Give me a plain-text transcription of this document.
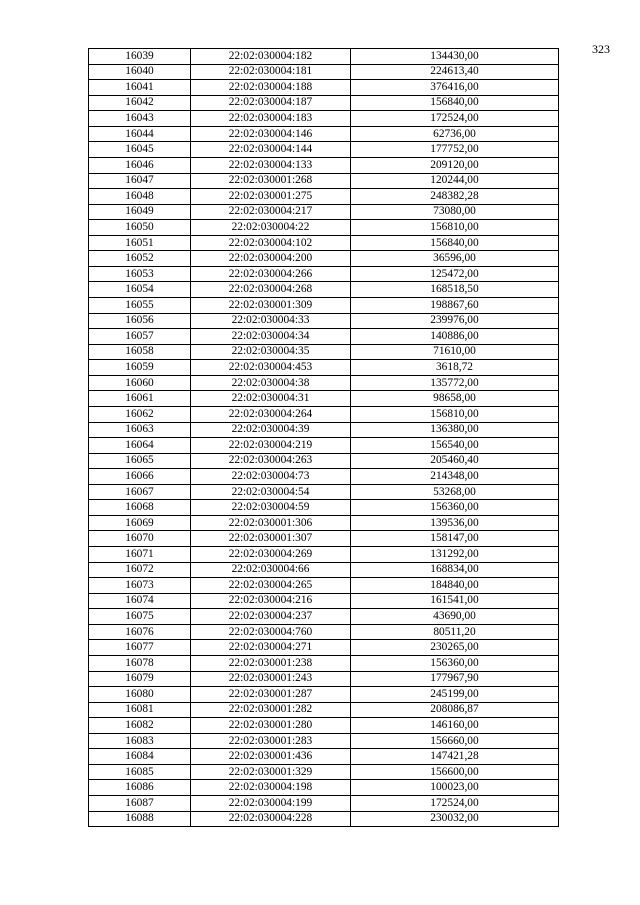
323
16039	22:02:030004:182	134430,00
16040	22:02:030004:181	224613,40
16041	22:02:030004:188	376416,00
16042	22:02:030004:187	156840,00
16043	22:02:030004:183	172524,00
16044	22:02:030004:146	62736,00
16045	22:02:030004:144	177752,00
16046	22:02:030004:133	209120,00
16047	22:02:030001:268	120244,00
16048	22:02:030001:275	248382,28
16049	22:02:030004:217	73080,00
16050	22:02:030004:22	156810,00
16051	22:02:030004:102	156840,00
16052	22:02:030004:200	36596,00
16053	22:02:030004:266	125472,00
16054	22:02:030004:268	168518,50
16055	22:02:030001:309	198867,60
16056	22:02:030004:33	239976,00
16057	22:02:030004:34	140886,00
16058	22:02:030004:35	71610,00
16059	22:02:030004:453	3618,72
16060	22:02:030004:38	135772,00
16061	22:02:030004:31	98658,00
16062	22:02:030004:264	156810,00
16063	22:02:030004:39	136380,00
16064	22:02:030004:219	156540,00
16065	22:02:030004:263	205460,40
16066	22:02:030004:73	214348,00
16067	22:02:030004:54	53268,00
16068	22:02:030004:59	156360,00
16069	22:02:030001:306	139536,00
16070	22:02:030001:307	158147,00
16071	22:02:030004:269	131292,00
16072	22:02:030004:66	168834,00
16073	22:02:030004:265	184840,00
16074	22:02:030004:216	161541,00
16075	22:02:030004:237	43690,00
16076	22:02:030004:760	80511,20
16077	22:02:030004:271	230265,00
16078	22:02:030001:238	156360,00
16079	22:02:030001:243	177967,90
16080	22:02:030001:287	245199,00
16081	22:02:030001:282	208086,87
16082	22:02:030001:280	146160,00
16083	22:02:030001:283	156660,00
16084	22:02:030001:436	147421,28
16085	22:02:030001:329	156600,00
16086	22:02:030004:198	100023,00
16087	22:02:030004:199	172524,00
16088	22:02:030004:228	230032,00
